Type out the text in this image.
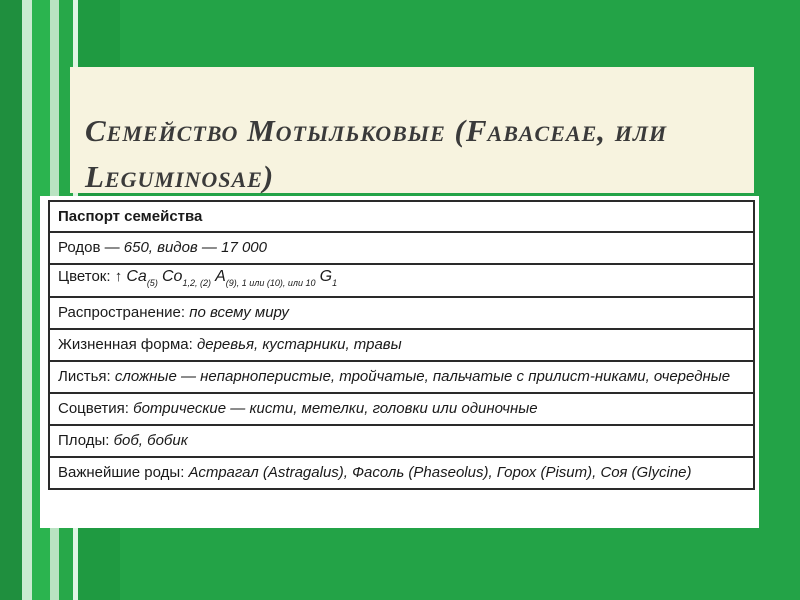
Семейство Мотыльковые (Fabaceae, или Leguminosae)
Паспорт семейства
Родов — 650, видов — 17 000
Цветок: ↑ $Ca_{(5)}$ $Co_{1,2, (2)}$ $A_{(9), 1 или (10), или 10}$ $G_1$
Распространение: по всему миру
Жизненная форма: деревья, кустарники, травы
Листья: сложные — непарноперистые, тройчатые, пальчатые с прилист-никами, очередные
Соцветия: ботрические — кисти, метелки, головки или одиночные
Плоды: боб, бобик
Важнейшие роды: Астрагал (Astragalus), Фасоль (Phaseolus), Горох (Pisum), Соя (Glycine)
